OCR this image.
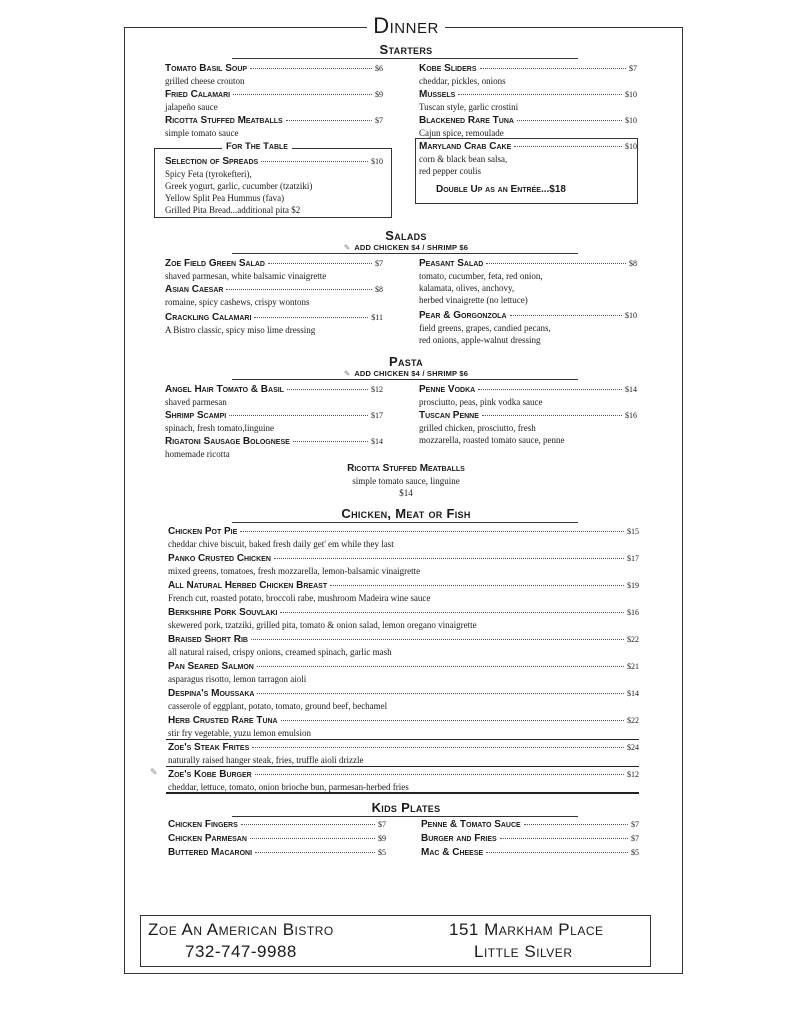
Dinner
Starters
Tomato Basil Soup	$6
grilled cheese crouton
Fried Calamari	$9
jalapeño sauce
Ricotta Stuffed Meatballs	$7
simple tomato sauce
Kobe Sliders	$7
cheddar, pickles, onions
Mussels	$10
Tuscan style, garlic crostini
Blackened Rare Tuna	$10
Cajun spice, remoulade
For The Table
Selection of Spreads	$10
Spicy Feta (tyrokefteri),
Greek yogurt, garlic, cucumber (tzatziki)
Yellow Split Pea Hummus (fava)
Grilled Pita Bread...additional pita $2
Maryland Crab Cake	$10
corn & black bean salsa,
red pepper coulis
Double Up as an Entrée...$18
Salads
✎ ADD CHICKEN $4 / SHRIMP $6
Zoe Field Green Salad	$7
shaved parmesan, white balsamic vinaigrette
Asian Caesar	$8
romaine, spicy cashews, crispy wontons
Crackling Calamari	$11
A Bistro classic, spicy miso lime dressing
Peasant Salad	$8
tomato, cucumber, feta, red onion,
kalamata, olives, anchovy,
herbed vinaigrette (no lettuce)
Pear & Gorgonzola	$10
field greens, grapes, candied pecans,
red onions, apple-walnut dressing
Pasta
✎ ADD CHICKEN $4 / SHRIMP $6
Angel Hair Tomato & Basil	$12
shaved parmesan
Shrimp Scampi	$17
spinach, fresh tomato,linguine
Rigatoni Sausage Bolognese	$14
homemade ricotta
Penne Vodka	$14
prosciutto, peas, pink vodka sauce
Tuscan Penne	$16
grilled chicken, prosciutto, fresh
mozzarella, roasted tomato sauce, penne
Ricotta Stuffed Meatballs
simple tomato sauce, linguine
$14
Chicken, Meat or Fish
Chicken Pot Pie	$15
cheddar chive biscuit, baked fresh daily get' em while they last
Panko Crusted Chicken	$17
mixed greens, tomatoes, fresh mozzarella, lemon-balsamic vinaigrette
All Natural Herbed Chicken Breast	$19
French cut, roasted potato, broccoli rabe, mushroom Madeira wine sauce
Berkshire Pork Souvlaki	$16
skewered pork, tzatziki, grilled pita, tomato & onion salad, lemon oregano vinaigrette
Braised Short Rib	$22
all natural raised, crispy onions, creamed spinach, garlic mash
Pan Seared Salmon	$21
asparagus risotto, lemon tarragon aioli
Despina's Moussaka	$14
casserole of eggplant, potato, tomato, ground beef, bechamel
Herb Crusted Rare Tuna	$22
stir fry vegetable, yuzu lemon emulsion
Zoe's Steak Frites	$24
naturally raised hanger steak, fries, truffle aioli drizzle
✎ Zoe's Kobe Burger	$12
cheddar, lettuce, tomato, onion brioche bun, parmesan-herbed fries
Kids Plates
Chicken Fingers	$7
Chicken Parmesan	$9
Buttered Macaroni	$5
Penne & Tomato Sauce	$7
Burger and Fries	$7
Mac & Cheese	$5
Zoe An American Bistro
732-747-9988
151 Markham Place
Little Silver
